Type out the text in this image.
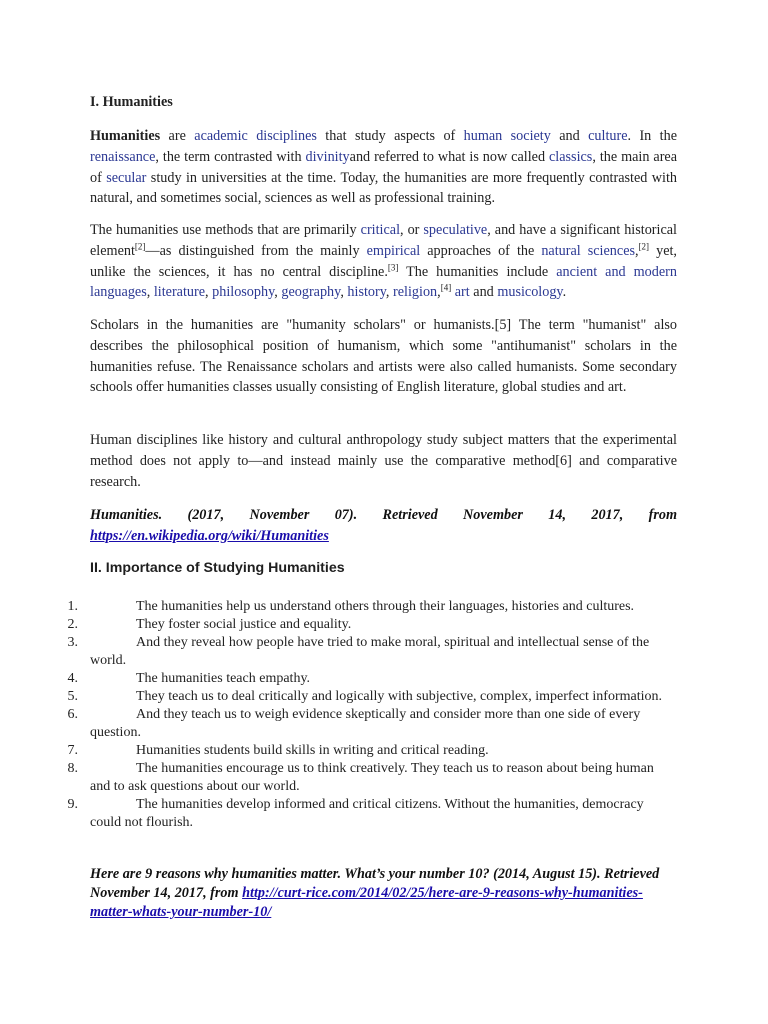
I. Humanities

Humanities are academic disciplines that study aspects of human society and culture. In the renaissance, the term contrasted with divinityand referred to what is now called classics, the main area of secular study in universities at the time. Today, the humanities are more frequently contrasted with natural, and sometimes social, sciences as well as professional training.

The humanities use methods that are primarily critical, or speculative, and have a significant historical element[2]—as distinguished from the mainly empirical approaches of the natural sciences,[2] yet, unlike the sciences, it has no central discipline.[3] The humanities include ancient and modern languages, literature, philosophy, geography, history, religion,[4] art and musicology.

Scholars in the humanities are "humanity scholars" or humanists.[5] The term "humanist" also describes the philosophical position of humanism, which some "antihumanist" scholars in the humanities refuse. The Renaissance scholars and artists were also called humanists. Some secondary schools offer humanities classes usually consisting of English literature, global studies and art.

Human disciplines like history and cultural anthropology study subject matters that the experimental method does not apply to—and instead mainly use the comparative method[6] and comparative research.

Humanities. (2017, November 07). Retrieved November 14, 2017, from https://en.wikipedia.org/wiki/Humanities

II. Importance of Studying Humanities
1.	The humanities help us understand others through their languages, histories and cultures.
2.	They foster social justice and equality.
3.	And they reveal how people have tried to make moral, spiritual and intellectual sense of the world.
4.	The humanities teach empathy.
5.	They teach us to deal critically and logically with subjective, complex, imperfect information.
6.	And they teach us to weigh evidence skeptically and consider more than one side of every question.
7.	Humanities students build skills in writing and critical reading.
8.	The humanities encourage us to think creatively. They teach us to reason about being human and to ask questions about our world.
9.	The humanities develop informed and critical citizens. Without the humanities, democracy could not flourish.

Here are 9 reasons why humanities matter. What’s your number 10? (2014, August 15). Retrieved November 14, 2017, from http://curt-rice.com/2014/02/25/here-are-9-reasons-why-humanities-matter-whats-your-number-10/
